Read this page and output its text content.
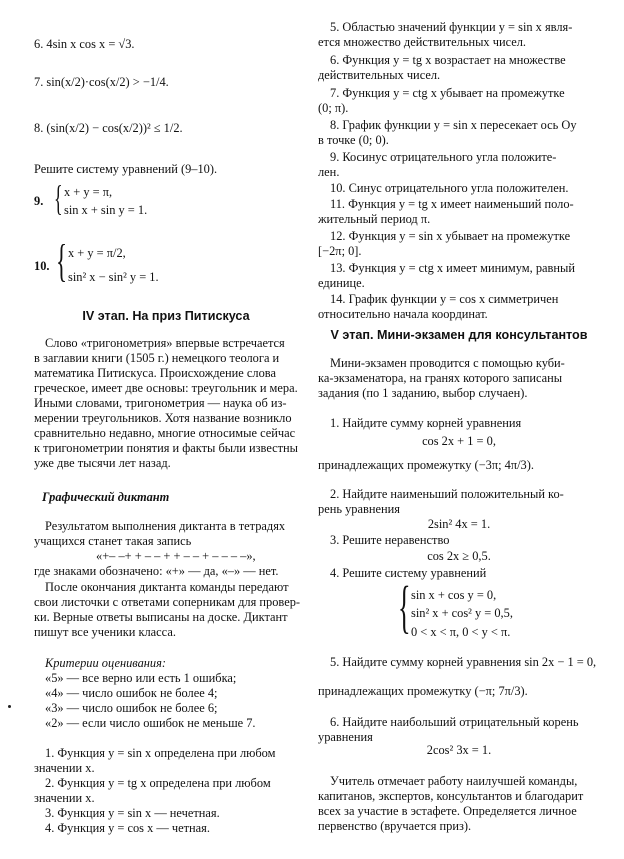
6. 4sin x cos x = √3.
7. sin(x/2)·cos(x/2) > −1/4.
8. (sin(x/2) − cos(x/2))² ≤ 1/2.
Решите систему уравнений (9–10).
9. { x + y = π,
sin x + sin y = 1.
10. { x + y = π/2,
sin² x − sin² y = 1.
IV этап. На приз Питискуса
Слово «тригонометрия» впервые встречается
в заглавии книги (1505 г.) немецкого теолога и
математика Питискуса. Происхождение слова
греческое, имеет две основы: треугольник и мера.
Иными словами, тригонометрия — наука об из-
мерении треугольников. Хотя название возникло
сравнительно недавно, многие относимые сейчас
к тригонометрии понятия и факты были известны
уже две тысячи лет назад.
Графический диктант
Результатом выполнения диктанта в тетрадях
учащихся станет такая запись
«+– –+ + – – + + – – + – – – –»,
где знаками обозначено: «+» — да, «–» — нет.
После окончания диктанта команды передают
свои листочки с ответами соперникам для провер-
ки. Верные ответы выписаны на доске. Диктант
пишут все ученики класса.
Критерии оценивания:
«5» — все верно или есть 1 ошибка;
«4» — число ошибок не более 4;
«3» — число ошибок не более 6;
«2» — если число ошибок не меньше 7.
1. Функция y = sin x определена при любом
значении x.
2. Функция y = tg x определена при любом
значении x.
3. Функция y = sin x — нечетная.
4. Функция y = cos x — четная.
5. Областью значений функции y = sin x явля-
ется множество действительных чисел.
6. Функция y = tg x возрастает на множестве
действительных чисел.
7. Функция y = ctg x убывает на промежутке
(0; π).
8. График функции y = sin x пересекает ось Oy
в точке (0; 0).
9. Косинус отрицательного угла положите-
лен.
10. Синус отрицательного угла положителен.
11. Функция y = tg x имеет наименьший поло-
жительный период π.
12. Функция y = sin x убывает на промежутке
[−2π; 0].
13. Функция y = ctg x имеет минимум, равный
единице.
14. График функции y = cos x симметричен
относительно начала координат.
V этап. Мини-экзамен для консультантов
Мини-экзамен проводится с помощью куби-
ка-экзаменатора, на гранях которого записаны
задания (по 1 заданию, выбор случаен).
1. Найдите сумму корней уравнения
cos 2x + 1 = 0,
принадлежащих промежутку (−3π; 4π/3).
2. Найдите наименьший положительный ко-
рень уравнения
2sin² 4x = 1.
3. Решите неравенство
cos 2x ≥ 0,5.
4. Решите систему уравнений
{ sin x + cos y = 0,
sin² x + cos² y = 0,5,
0 < x < π, 0 < y < π.
5. Найдите сумму корней уравнения sin 2x − 1 = 0,
принадлежащих промежутку (−π; 7π/3).
6. Найдите наибольший отрицательный корень
уравнения
2cos² 3x = 1.
Учитель отмечает работу наилучшей команды,
капитанов, экспертов, консультантов и благодарит
всех за участие в эстафете. Определяется личное
первенство (вручается приз).
